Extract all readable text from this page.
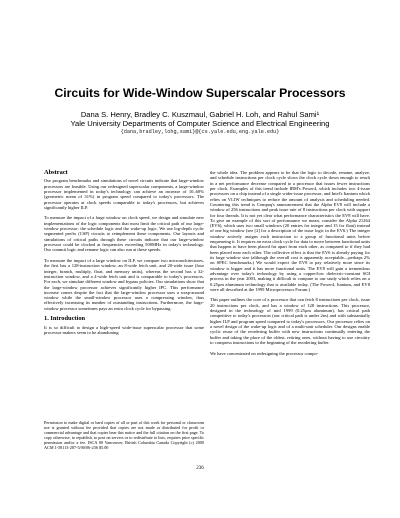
Circuits for Wide-Window Superscalar Processors
Dana S. Henry, Bradley C. Kuszmaul, Gabriel H. Loh, and Rahul Sami¹
Yale University Departments of Computer Science and Electrical Engineering
{dana,bradley,lohg,sami}@{cs.yale.edu,eng.yale.edu}
Abstract

Our program benchmarks and simulations of novel circuits indicate that large-window processors are feasible. Using our redesigned superscalar components, a large-window processor implemented in today's technology can achieve an increase of 10–60% (geometric mean of 31%) in program speed compared to today's processors. The processor operates at clock speeds comparable to today's processors, but achieves significantly higher ILP.

To measure the impact of a large window on clock speed, we design and simulate new implementations of the logic components that most limit the critical path of our large-window processor: the schedule logic and the wake-up logic. We use log-depth cyclic segmented prefix (CSP) circuits to reimplement these components. Our layouts and simulations of critical paths through these circuits indicate that our large-window processor could be clocked at frequencies exceeding 500MHz in today's technology. Our commit logic and rename logic can also run at these speeds.

To measure the impact of a large window on ILP, we compare two microarchitectures, the first has a 128-instruction window, an 8-wide fetch unit, and 20-wide issue (four integer, branch, multiply, float, and memory units), whereas the second has a 32-instruction window, and a 4-wide fetch unit and is comparable to today's processors. For each, we simulate different window and bypass policies. Our simulations show that the large-window processor achieves significantly higher IPC. This performance increase comes despite the fact that the large-window processor uses a wrap-around window while the small-window processor uses a compressing window, thus effectively increasing its number of outstanding instructions. Furthermore, the large-window processor sometimes pays an extra clock cycle for bypassing.

1. Introduction

It is so difficult to design a high-speed wide-issue superscalar processor that some processor makers seem to be abandoning

Permission to make digital or hard copies of all or part of this work for personal or classroom use is granted without fee provided that copies are not made or distributed for profit or commercial advantage and that copies bear this notice and the full citation on the first page. To copy otherwise, to republish, to post on servers or to redistribute to lists, requires prior specific permission and/or a fee. ISCA 00 Vancouver, British Columbia Canada Copyright (c) 2000 ACM 1-58113-287-5/00/06-236 $5.00

the whole idea. The problem appears to be that the logic to decode, rename, analyze, and schedule instructions per clock cycle slows the clock cycle down enough to result in a net performance decrease compared to a processor that issues fewer instructions per clock. Examples of this trend include IBM's Power4, which includes two 4-issue processors on a chip instead of a single wider-issue processor, and Intel's Itanium which relies on VLIW techniques to reduce the amount of analysis and scheduling needed. Countering this trend is Compaq's announcement that the Alpha EV8 will include a window of 256 instructions and peak issue rate of 8 instructions per clock with support for four threads. It is not yet clear what performance characteristics the EV8 will have. To give an example of this sort of performance we mean, consider the Alpha 21264 (EV6), which uses two small windows (20 entries for integer and 15 for float) instead of one big window (see [2] for a description of the issue logic in the EV6.) The integer window actively assigns each instruction to a group of functional units before enqueueing it. It requires an extra clock cycle for data to move between functional units that happen to have been placed far apart from each other, as compared to if they had been placed near each other. The collective effect is that the EV6 is already paying for its large window size (although the overall cost is apparently acceptable—perhaps 2% on SPEC benchmarks.) We would expect the EV8 to pay relatively more since its window is bigger and it has more functional units. The EV8 will gain a tremendous advantage over today's technology by using a copper/low dielectric-constant SOI process in the year 2003, making it difficult to compare to our study which relies on a 0.25μm aluminum technology that is available today. (The Power4, Itanium, and EV8 were all described at the 1999 Microprocessor Forum.)

This paper outlines the core of a processor that can fetch 8 instructions per clock, issue 20 instructions per clock, and has a window of 128 instructions. This processor, designed in the technology of mid 1999 (0.25μm aluminum), has critical path competitive to today's processors (our critical path is under 2ns) and with substantially higher ILP and program speed compared to today's processors. Our processor relies on a novel design of the wake-up logic and of a multi-unit scheduler. Our designs enable cyclic reuse of the reordering buffer with new instructions continually entering the buffer and taking the place of the oldest, retiring ones, without having to use circuitry to compress instructions to the beginning of the reordering buffer.

We have concentrated on redesigning the processor compo-

236
